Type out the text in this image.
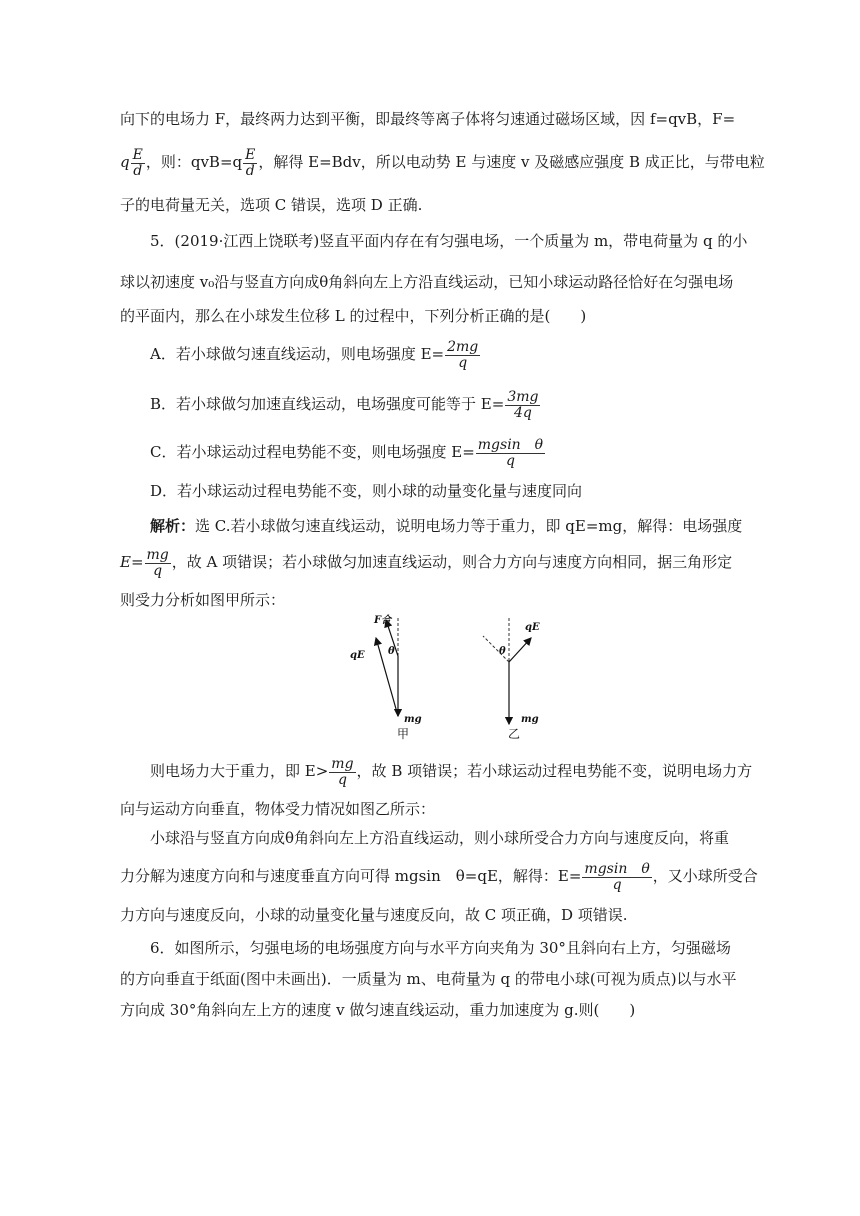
向下的电场力 F，最终两力达到平衡，即最终等离子体将匀速通过磁场区域，因 f=qvB，F=
q $\frac{E}{d}$ ，则：$qvB=q \frac{E}{d}$ ，解得 E=Bdv，所以电动势 E 与速度 v 及磁感应强度 B 成正比，与带电粒
子的电荷量无关，选项 C 错误，选项 D 正确.
5．(2019·江西上饶联考)竖直平面内存在有匀强电场，一个质量为 m，带电荷量为 q 的小
球以初速度 v₀沿与竖直方向成θ角斜向左上方沿直线运动，已知小球运动路径恰好在匀强电场
的平面内，那么在小球发生位移 L 的过程中，下列分析正确的是(　　)
A．若小球做匀速直线运动，则电场强度 $E= \frac{2mg}{q}$
B．若小球做匀加速直线运动，电场强度可能等于 $E= \frac{3mg}{4q}$
C．若小球运动过程电势能不变，则电场强度 $E= \frac{\text{mgsin　θ}}{q}$
D．若小球运动过程电势能不变，则小球的动量变化量与速度同向
解析：选 C.若小球做匀速直线运动，说明电场力等于重力，即 qE=mg，解得：电场强度
$E= \frac{mg}{q}$ ，故 A 项错误；若小球做匀加速直线运动，则合力方向与速度方向相同，据三角形定
则受力分析如图甲所示：
F合
qE θ
mg
甲
qE
θ
mg
乙
则电场力大于重力，即 $E> \frac{mg}{q}$ ，故 B 项错误；若小球运动过程电势能不变，说明电场力方
向与运动方向垂直，物体受力情况如图乙所示：
小球沿与竖直方向成θ角斜向左上方沿直线运动，则小球所受合力方向与速度反向，将重
力分解为速度方向和与速度垂直方向可得 mgsin　θ=qE，解得：$E= \frac{\text{mgsin　θ}}{q}$ ，又小球所受合
力方向与速度反向，小球的动量变化量与速度反向，故 C 项正确，D 项错误.
6．如图所示，匀强电场的电场强度方向与水平方向夹角为 30°且斜向右上方，匀强磁场
的方向垂直于纸面(图中未画出)．一质量为 m、电荷量为 q 的带电小球(可视为质点)以与水平
方向成 30°角斜向左上方的速度 v 做匀速直线运动，重力加速度为 g.则(　　)
